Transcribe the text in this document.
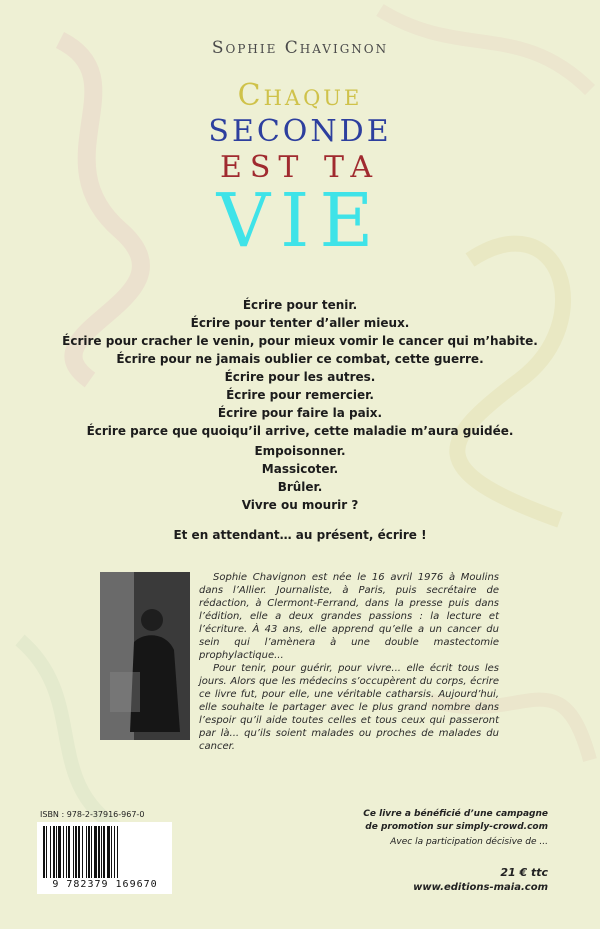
Sophie Chavignon
Chaque
SECONDE
EST TA
VIE
Écrire pour tenir.
Écrire pour tenter d’aller mieux.
Écrire pour cracher le venin, pour mieux vomir le cancer qui m’habite.
Écrire pour ne jamais oublier ce combat, cette guerre.
Écrire pour les autres.
Écrire pour remercier.
Écrire pour faire la paix.
Écrire parce que quoiqu’il arrive, cette maladie m’aura guidée.
Empoisonner.
Massicoter.
Brûler.
Vivre ou mourir ?
Et en attendant… au présent, écrire !

Sophie Chavignon est née le 16 avril 1976 à Moulins dans l’Allier. Journaliste, à Paris, puis secrétaire de rédaction, à Clermont-Ferrand, dans la presse puis dans l’édition, elle a deux grandes passions : la lecture et l’écriture. À 43 ans, elle apprend qu’elle a un cancer du sein qui l’amènera à une double mastectomie prophylactique...

Pour tenir, pour guérir, pour vivre... elle écrit tous les jours. Alors que les médecins s’occupèrent du corps, écrire ce livre fut, pour elle, une véritable catharsis. Aujourd’hui, elle souhaite le partager avec le plus grand nombre dans l’espoir qu’il aide toutes celles et tous ceux qui passeront par là... qu’ils soient malades ou proches de malades du cancer.

ISBN : 978-2-37916-967-0
9 782379 169670
Ce livre a bénéficié d’une campagne de promotion sur simply-crowd.com
Avec la participation décisive de ...
21 € ttc
www.editions-maia.com
